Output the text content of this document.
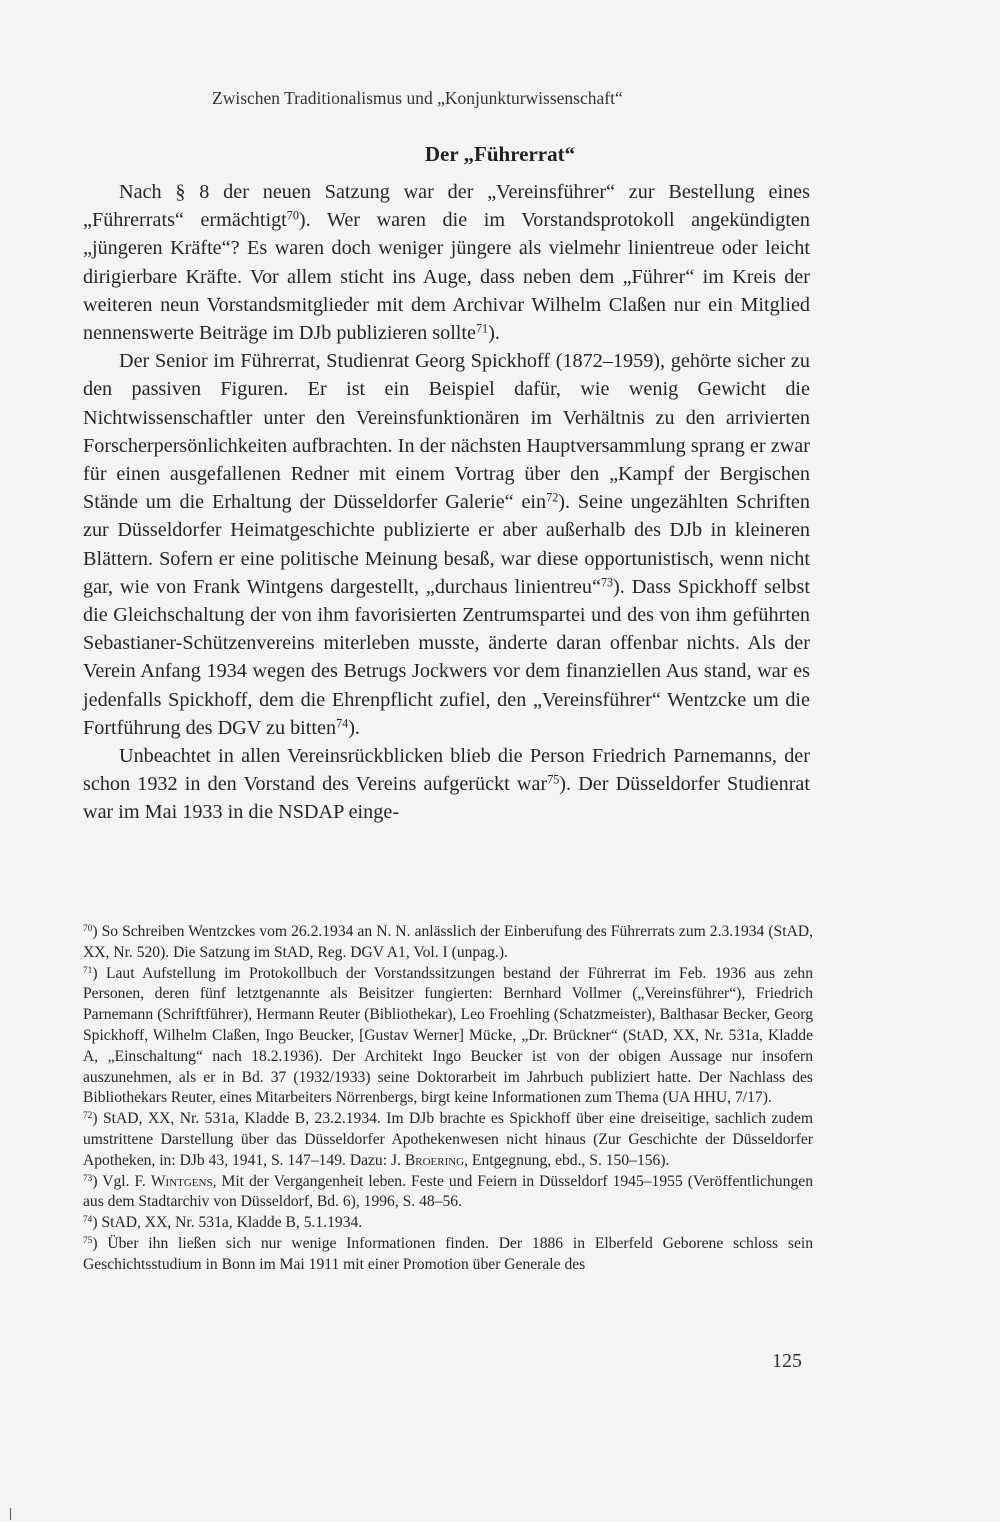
Zwischen Traditionalismus und „Konjunkturwissenschaft“
Der „Führerrat“

Nach § 8 der neuen Satzung war der „Vereinsführer“ zur Bestellung eines „Führerrats“ ermächtigt$^{70}$). Wer waren die im Vorstandsprotokoll angekündigten „jüngeren Kräfte“? Es waren doch weniger jüngere als vielmehr linientreue oder leicht dirigierbare Kräfte. Vor allem sticht ins Auge, dass neben dem „Führer“ im Kreis der weiteren neun Vorstandsmitglieder mit dem Archivar Wilhelm Claßen nur ein Mitglied nennenswerte Beiträge im DJb publizieren sollte$^{71}$).

Der Senior im Führerrat, Studienrat Georg Spickhoff (1872–1959), gehörte sicher zu den passiven Figuren. Er ist ein Beispiel dafür, wie wenig Gewicht die Nichtwissenschaftler unter den Vereinsfunktionären im Verhältnis zu den arrivierten Forscherpersönlichkeiten aufbrachten. In der nächsten Hauptversammlung sprang er zwar für einen ausgefallenen Redner mit einem Vortrag über den „Kampf der Bergischen Stände um die Erhaltung der Düsseldorfer Galerie“ ein$^{72}$). Seine ungezählten Schriften zur Düsseldorfer Heimatgeschichte publizierte er aber außerhalb des DJb in kleineren Blättern. Sofern er eine politische Meinung besaß, war diese opportunistisch, wenn nicht gar, wie von Frank Wintgens dargestellt, „durchaus linientreu“$^{73}$). Dass Spickhoff selbst die Gleichschaltung der von ihm favorisierten Zentrumspartei und des von ihm geführten Sebastianer-Schützenvereins miterleben musste, änderte daran offenbar nichts. Als der Verein Anfang 1934 wegen des Betrugs Jockwers vor dem finanziellen Aus stand, war es jedenfalls Spickhoff, dem die Ehrenpflicht zufiel, den „Vereinsführer“ Wentzcke um die Fortführung des DGV zu bitten$^{74}$).

Unbeachtet in allen Vereinsrückblicken blieb die Person Friedrich Parnemanns, der schon 1932 in den Vorstand des Vereins aufgerückt war$^{75}$). Der Düsseldorfer Studienrat war im Mai 1933 in die NSDAP einge-

$^{70}$) So Schreiben Wentzckes vom 26.2.1934 an N. N. anlässlich der Einberufung des Führerrats zum 2.3.1934 (StAD, XX, Nr. 520). Die Satzung im StAD, Reg. DGV A1, Vol. I (unpag.).

$^{71}$) Laut Aufstellung im Protokollbuch der Vorstandssitzungen bestand der Führerrat im Feb. 1936 aus zehn Personen, deren fünf letztgenannte als Beisitzer fungierten: Bernhard Vollmer („Vereinsführer“), Friedrich Parnemann (Schriftführer), Hermann Reuter (Bibliothekar), Leo Froehling (Schatzmeister), Balthasar Becker, Georg Spickhoff, Wilhelm Claßen, Ingo Beucker, [Gustav Werner] Mücke, „Dr. Brückner“ (StAD, XX, Nr. 531a, Kladde A, „Einschaltung“ nach 18.2.1936). Der Architekt Ingo Beucker ist von der obigen Aussage nur insofern auszunehmen, als er in Bd. 37 (1932/1933) seine Doktorarbeit im Jahrbuch publiziert hatte. Der Nachlass des Bibliothekars Reuter, eines Mitarbeiters Nörrenbergs, birgt keine Informationen zum Thema (UA HHU, 7/17).

$^{72}$) StAD, XX, Nr. 531a, Kladde B, 23.2.1934. Im DJb brachte es Spickhoff über eine dreiseitige, sachlich zudem umstrittene Darstellung über das Düsseldorfer Apothekenwesen nicht hinaus (Zur Geschichte der Düsseldorfer Apotheken, in: DJb 43, 1941, S. 147–149. Dazu: J. Broering, Entgegnung, ebd., S. 150–156).

$^{73}$) Vgl. F. Wintgens, Mit der Vergangenheit leben. Feste und Feiern in Düsseldorf 1945–1955 (Veröffentlichungen aus dem Stadtarchiv von Düsseldorf, Bd. 6), 1996, S. 48–56.

$^{74}$) StAD, XX, Nr. 531a, Kladde B, 5.1.1934.

$^{75}$) Über ihn ließen sich nur wenige Informationen finden. Der 1886 in Elberfeld Geborene schloss sein Geschichtsstudium in Bonn im Mai 1911 mit einer Promotion über Generale des

125
